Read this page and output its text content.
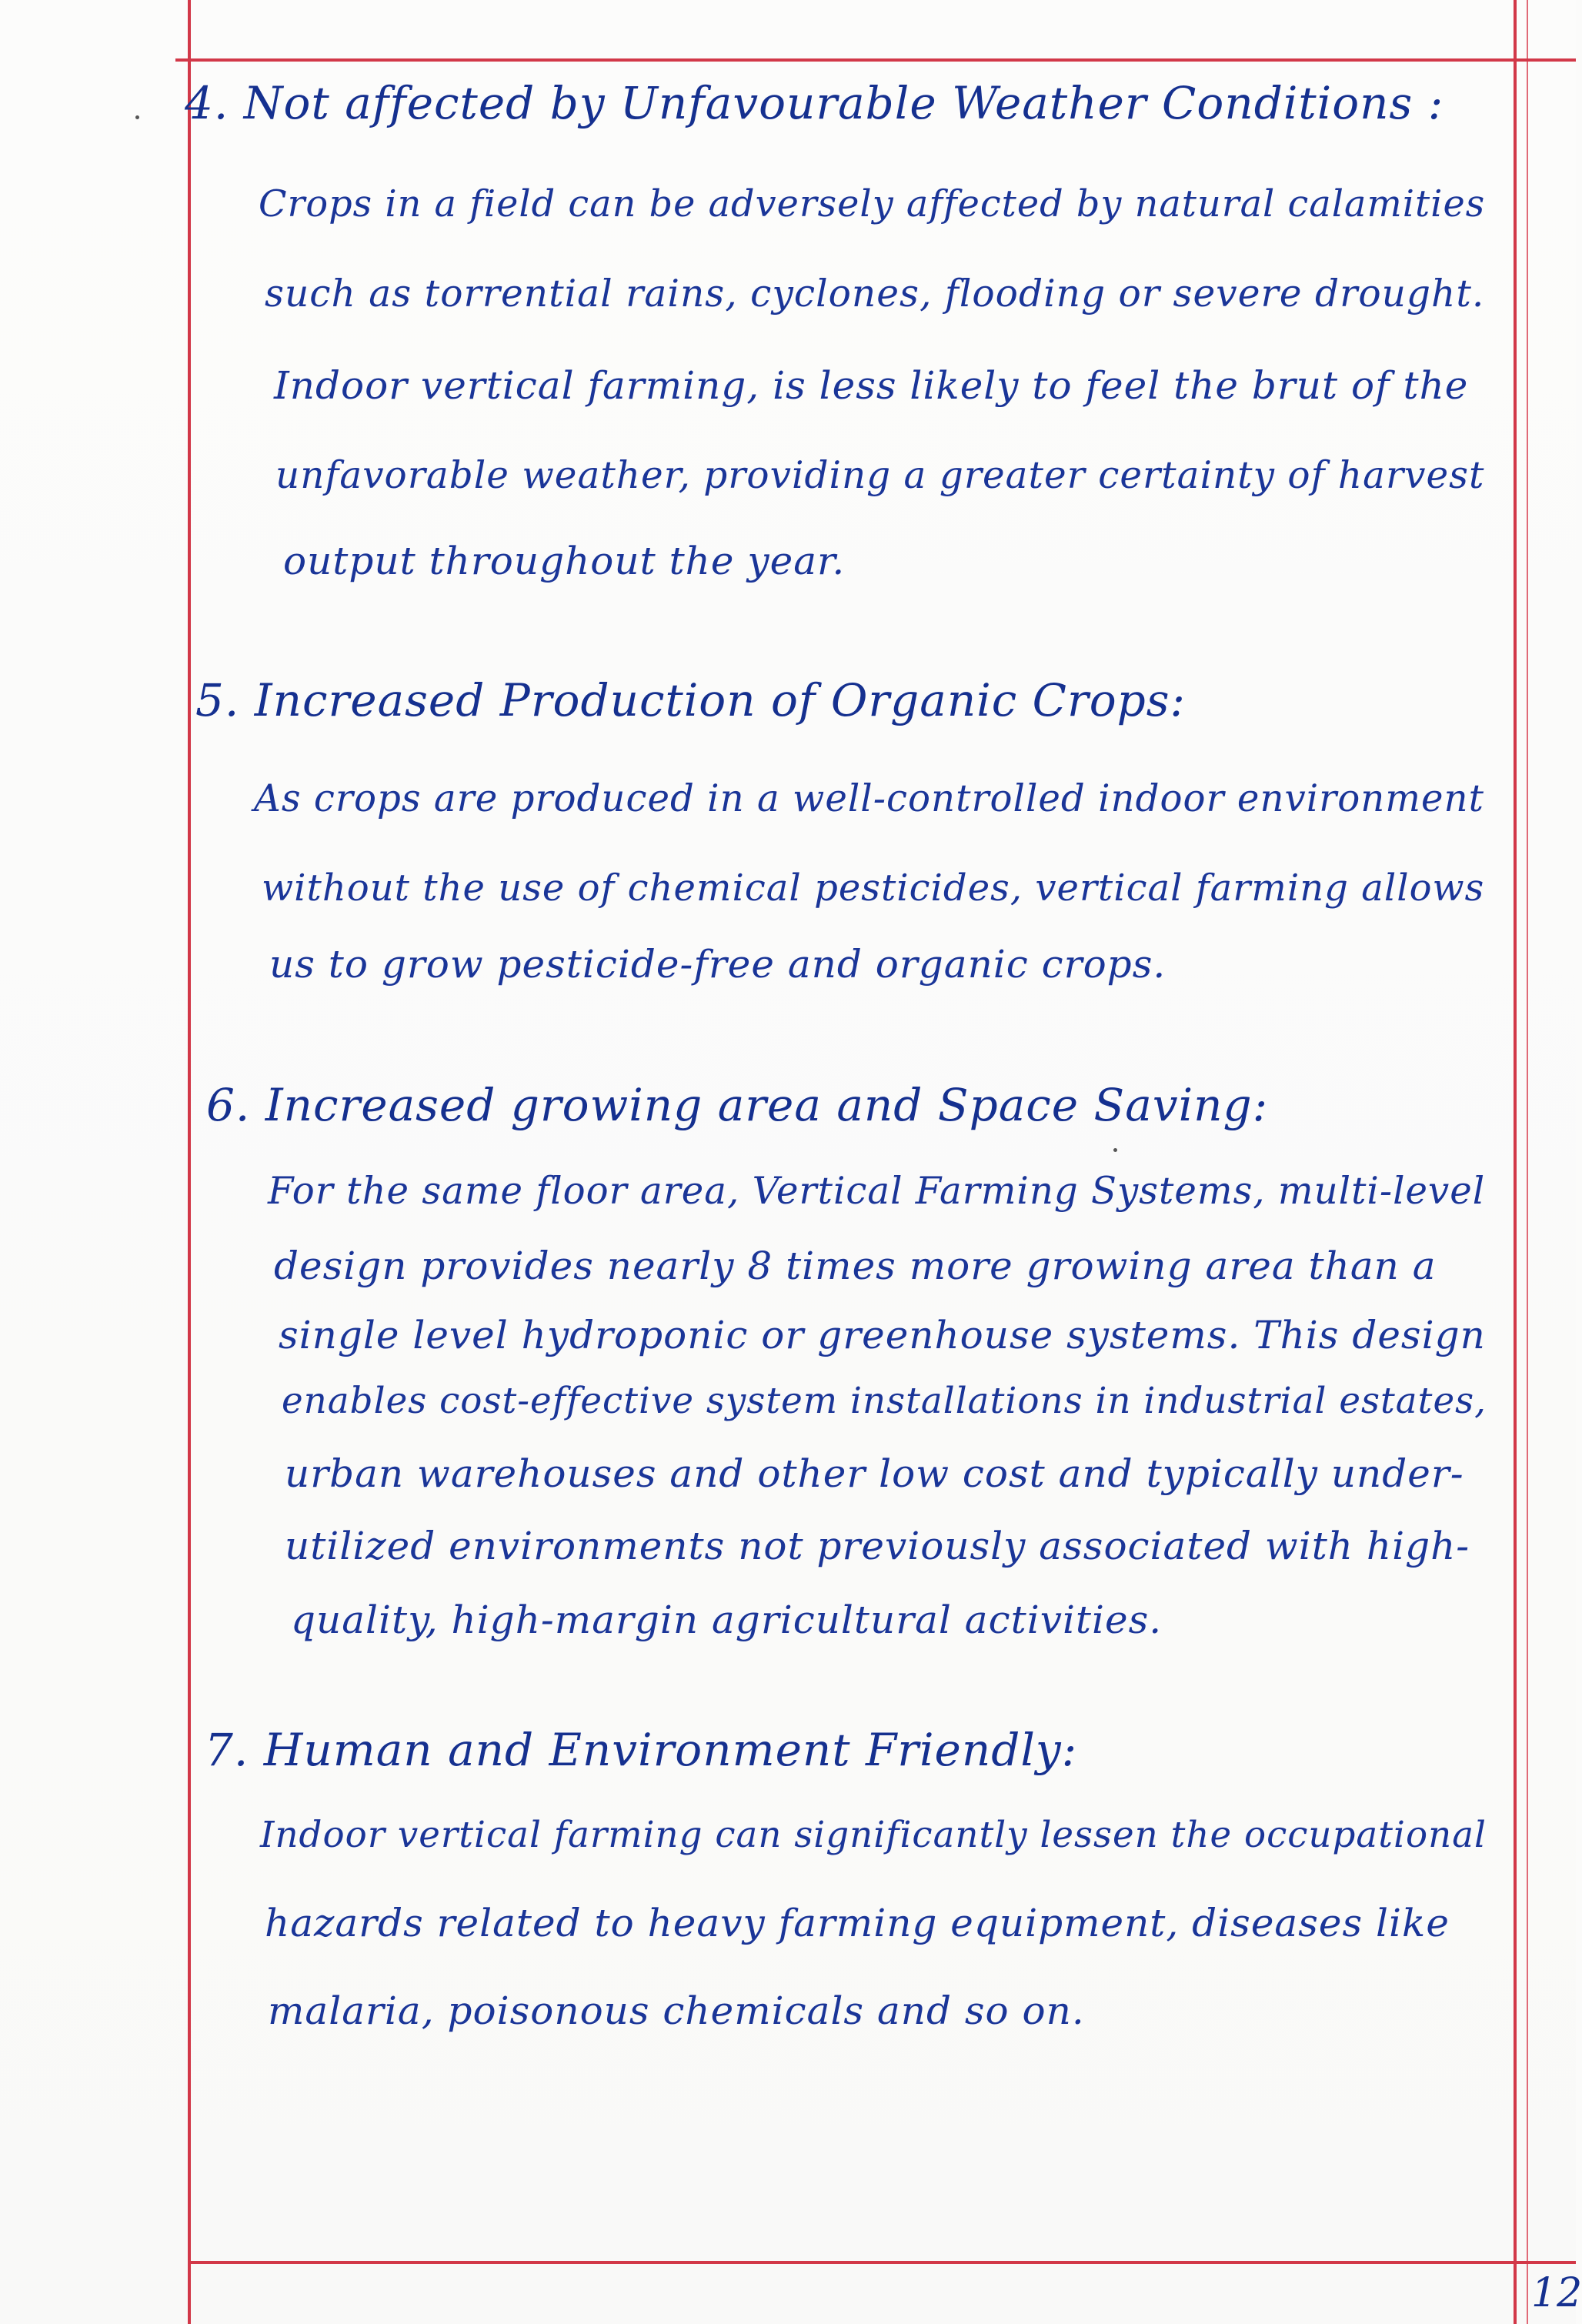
4. Not affected by Unfavourable Weather Conditions :
Crops in a field can be adversely affected by natural calamities
such as torrential rains, cyclones, flooding or severe drought.
Indoor vertical farming, is less likely to feel the brut of the
unfavorable weather, providing a greater certainty of harvest
output throughout the year.
5. Increased Production of Organic Crops:
As crops are produced in a well-controlled indoor environment
without the use of chemical pesticides, vertical farming allows
us to grow pesticide-free and organic crops.
6. Increased growing area and Space Saving:
For the same floor area, Vertical Farming Systems, multi-level
design provides nearly 8 times more growing area than a
single level hydroponic or greenhouse systems. This design
enables cost-effective system installations in industrial estates,
urban warehouses and other low cost and typically under-
utilized environments not previously associated with high-
quality, high-margin agricultural activities.
7. Human and Environment Friendly:
Indoor vertical farming can significantly lessen the occupational
hazards related to heavy farming equipment, diseases like
malaria, poisonous chemicals and so on.
12
